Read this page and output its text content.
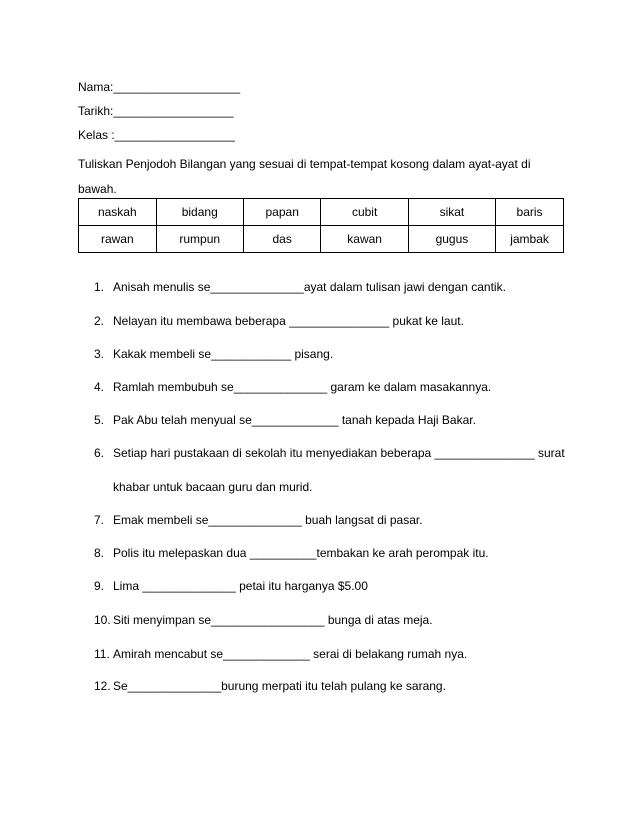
Nama:___________________
Tarikh:__________________
Kelas :__________________
Tuliskan Penjodoh Bilangan yang sesuai di tempat-tempat kosong dalam ayat-ayat di bawah.
naskah	bidang	papan	cubit	sikat	baris
rawan	rumpun	das	kawan	gugus	jambak
1. Anisah menulis se______________ayat dalam tulisan jawi dengan cantik.
2. Nelayan itu membawa beberapa _______________ pukat ke laut.
3. Kakak membeli se____________ pisang.
4. Ramlah membubuh se______________ garam ke dalam masakannya.
5. Pak Abu telah menyual se_____________ tanah kepada Haji Bakar.
6. Setiap hari pustakaan di sekolah itu menyediakan beberapa _______________ surat
khabar untuk bacaan guru dan murid.
7. Emak membeli se______________ buah langsat di pasar.
8. Polis itu melepaskan dua __________tembakan ke arah perompak itu.
9. Lima ______________ petai itu harganya $5.00
10. Siti menyimpan se_________________ bunga di atas meja.
11. Amirah mencabut se_____________ serai di belakang rumah nya.
12. Se______________burung merpati itu telah pulang ke sarang.
